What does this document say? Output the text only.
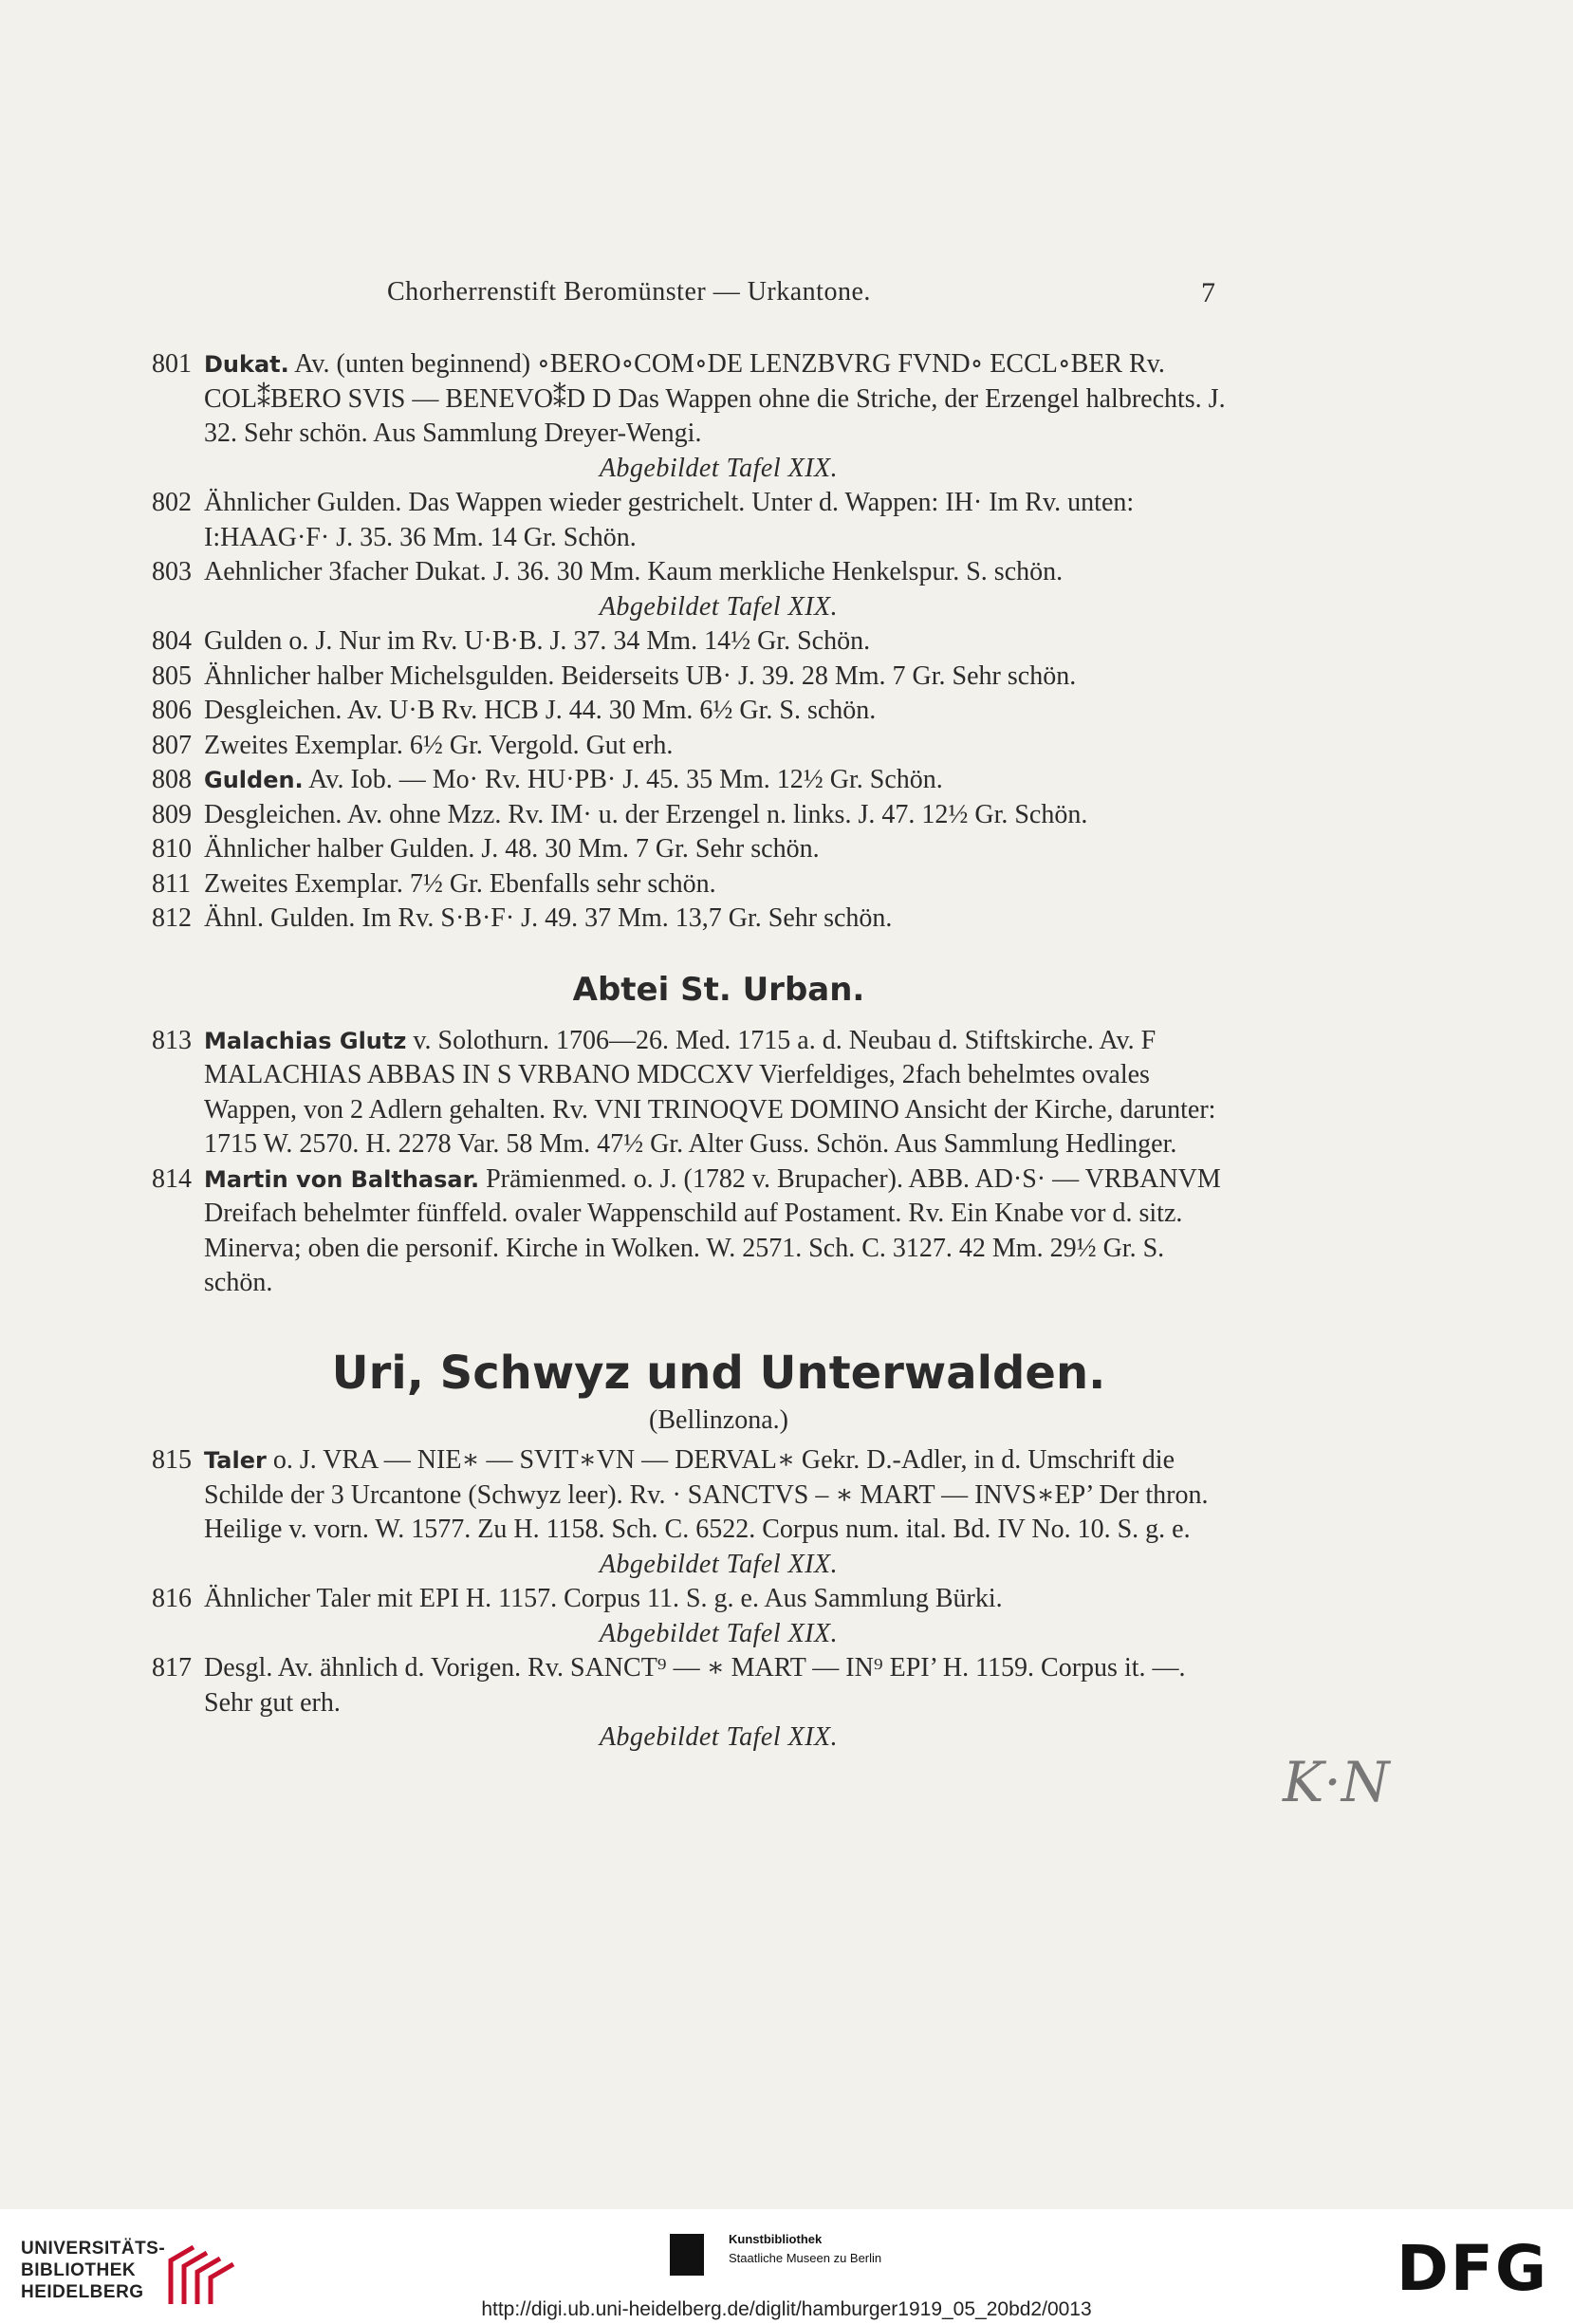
Chorherrenstift Beromünster — Urkantone.	7
801 Dukat. Av. (unten beginnend) ∘BERO∘COM∘DE LENZBVRG FVND∘ ECCL∘BER Rv. COL⁑BERO SVIS — BENEVO⁑D D Das Wappen ohne die Striche, der Erzengel halbrechts. J. 32. Sehr schön. Aus Sammlung Dreyer-Wengi.
Abgebildet Tafel XIX.
802 Ähnlicher Gulden. Das Wappen wieder gestrichelt. Unter d. Wappen: IH· Im Rv. unten: I:HAAG·F· J. 35. 36 Mm. 14 Gr. Schön.
803 Aehnlicher 3facher Dukat. J. 36. 30 Mm. Kaum merkliche Henkelspur. S. schön.
Abgebildet Tafel XIX.
804 Gulden o. J. Nur im Rv. U·B·B. J. 37. 34 Mm. 14½ Gr. Schön.
805 Ähnlicher halber Michelsgulden. Beiderseits UB· J. 39. 28 Mm. 7 Gr. Sehr schön.
806 Desgleichen. Av. U·B Rv. HCB J. 44. 30 Mm. 6½ Gr. S. schön.
807 Zweites Exemplar. 6½ Gr. Vergold. Gut erh.
808 Gulden. Av. Iob. — Mo· Rv. HU·PB· J. 45. 35 Mm. 12½ Gr. Schön.
809 Desgleichen. Av. ohne Mzz. Rv. IM· u. der Erzengel n. links. J. 47. 12½ Gr. Schön.
810 Ähnlicher halber Gulden. J. 48. 30 Mm. 7 Gr. Sehr schön.
811 Zweites Exemplar. 7½ Gr. Ebenfalls sehr schön.
812 Ähnl. Gulden. Im Rv. S·B·F· J. 49. 37 Mm. 13,7 Gr. Sehr schön.
Abtei St. Urban.
813 Malachias Glutz v. Solothurn. 1706—26. Med. 1715 a. d. Neubau d. Stiftskirche. Av. F MALACHIAS ABBAS IN S VRBANO MDCCXV Vierfeldiges, 2fach behelmtes ovales Wappen, von 2 Adlern gehalten. Rv. VNI TRINOQVE DOMINO Ansicht der Kirche, darunter: 1715 W. 2570. H. 2278 Var. 58 Mm. 47½ Gr. Alter Guss. Schön. Aus Sammlung Hedlinger.
814 Martin von Balthasar. Prämienmed. o. J. (1782 v. Brupacher). ABB. AD·S· — VRBANVM Dreifach behelmter fünffeld. ovaler Wappenschild auf Postament. Rv. Ein Knabe vor d. sitz. Minerva; oben die personif. Kirche in Wolken. W. 2571. Sch. C. 3127. 42 Mm. 29½ Gr. S. schön.
Uri, Schwyz und Unterwalden.
(Bellinzona.)
815 Taler o. J. VRA — NIE∗ — SVIT∗VN — DERVAL∗ Gekr. D.-Adler, in d. Umschrift die Schilde der 3 Urcantone (Schwyz leer). Rv. · SANCTVS – ∗ MART — INVS∗EP’ Der thron. Heilige v. vorn. W. 1577. Zu H. 1158. Sch. C. 6522. Corpus num. ital. Bd. IV No. 10. S. g. e.
Abgebildet Tafel XIX.
816 Ähnlicher Taler mit EPI H. 1157. Corpus 11. S. g. e. Aus Sammlung Bürki.
Abgebildet Tafel XIX.
817 Desgl. Av. ähnlich d. Vorigen. Rv. SANCT⁹ — ∗ MART — IN⁹ EPI’ H. 1159. Corpus it. —. Sehr gut erh.
Abgebildet Tafel XIX.
K·N
UNIVERSITÄTS-
BIBLIOTHEK
HEIDELBERG
Kunstbibliothek
Staatliche Museen zu Berlin	DFG
http://digi.ub.uni-heidelberg.de/diglit/hamburger1919_05_20bd2/0013
